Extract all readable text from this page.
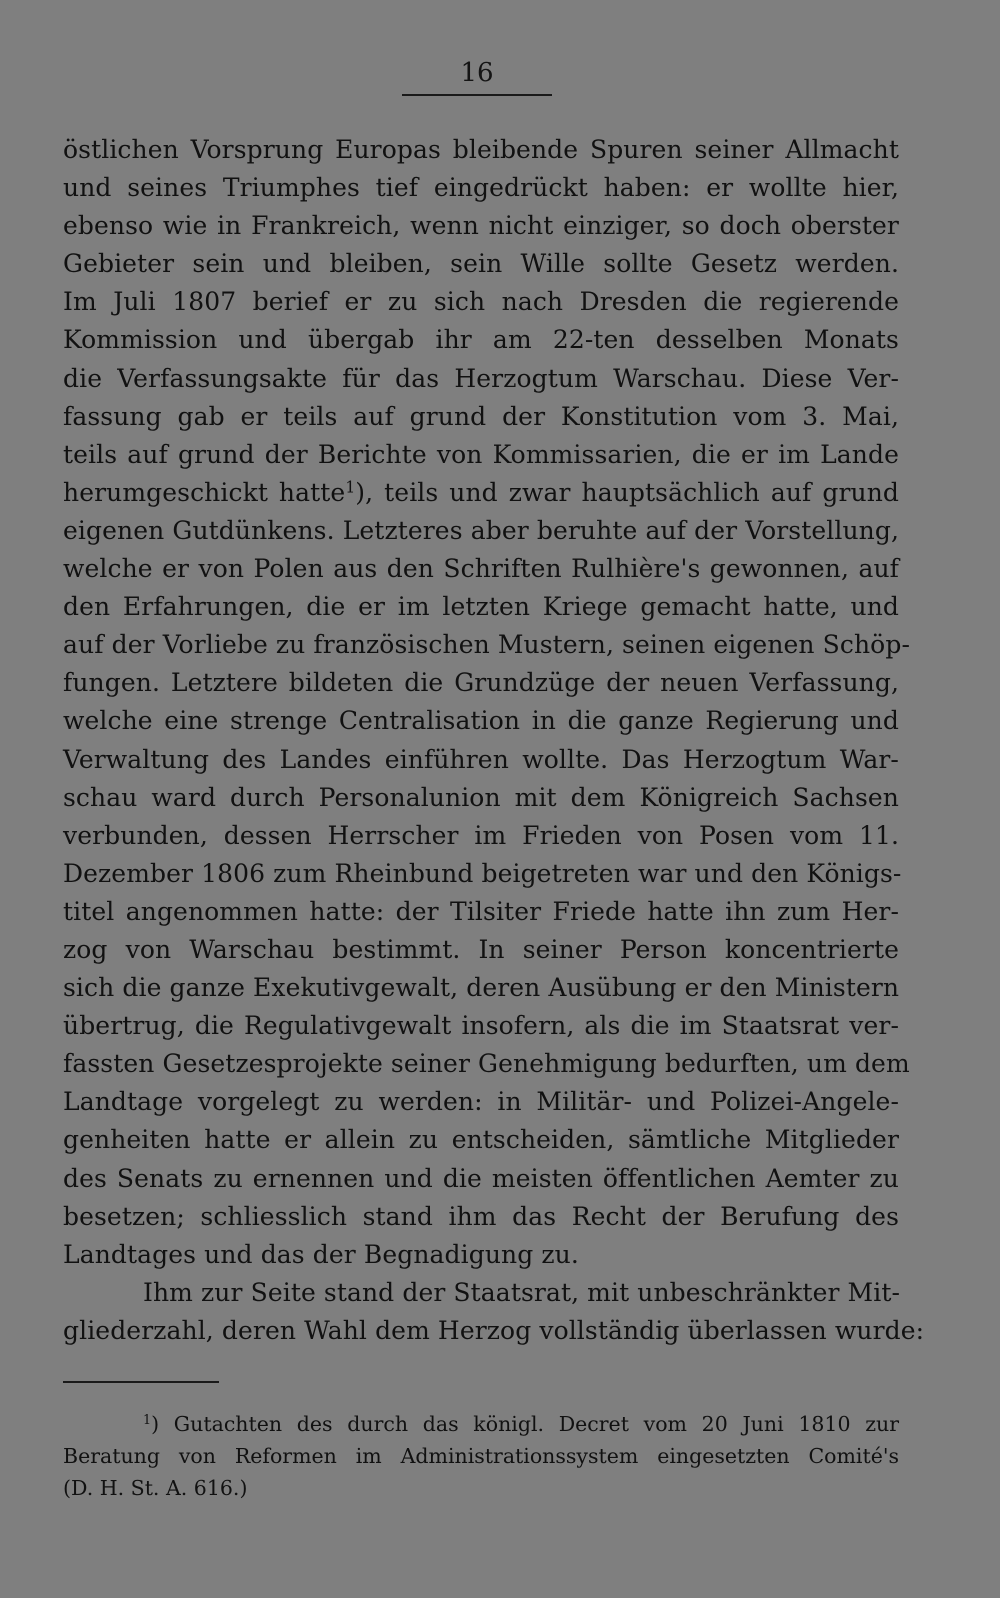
16
östlichen Vorsprung Europas bleibende Spuren seiner Allmacht
und seines Triumphes tief eingedrückt haben: er wollte hier,
ebenso wie in Frankreich, wenn nicht einziger, so doch oberster
Gebieter sein und bleiben, sein Wille sollte Gesetz werden.
Im Juli 1807 berief er zu sich nach Dresden die regierende
Kommission und übergab ihr am 22-ten desselben Monats
die Verfassungsakte für das Herzogtum Warschau. Diese Ver-
fassung gab er teils auf grund der Konstitution vom 3. Mai,
teils auf grund der Berichte von Kommissarien, die er im Lande
herumgeschickt hatte$^1$), teils und zwar hauptsächlich auf grund
eigenen Gutdünkens. Letzteres aber beruhte auf der Vorstellung,
welche er von Polen aus den Schriften Rulhière's gewonnen, auf
den Erfahrungen, die er im letzten Kriege gemacht hatte, und
auf der Vorliebe zu französischen Mustern, seinen eigenen Schöp-
fungen. Letztere bildeten die Grundzüge der neuen Verfassung,
welche eine strenge Centralisation in die ganze Regierung und
Verwaltung des Landes einführen wollte. Das Herzogtum War-
schau ward durch Personalunion mit dem Königreich Sachsen
verbunden, dessen Herrscher im Frieden von Posen vom 11.
Dezember 1806 zum Rheinbund beigetreten war und den Königs-
titel angenommen hatte: der Tilsiter Friede hatte ihn zum Her-
zog von Warschau bestimmt. In seiner Person koncentrierte
sich die ganze Exekutivgewalt, deren Ausübung er den Ministern
übertrug, die Regulativgewalt insofern, als die im Staatsrat ver-
fassten Gesetzesprojekte seiner Genehmigung bedurften, um dem
Landtage vorgelegt zu werden: in Militär- und Polizei-Angele-
genheiten hatte er allein zu entscheiden, sämtliche Mitglieder
des Senats zu ernennen und die meisten öffentlichen Aemter zu
besetzen; schliesslich stand ihm das Recht der Berufung des
Landtages und das der Begnadigung zu.
Ihm zur Seite stand der Staatsrat, mit unbeschränkter Mit-
gliederzahl, deren Wahl dem Herzog vollständig überlassen wurde:
$^1$) Gutachten des durch das königl. Decret vom 20 Juni 1810 zur
Beratung von Reformen im Administrationssystem eingesetzten Comité's
(D. H. St. A. 616.)
